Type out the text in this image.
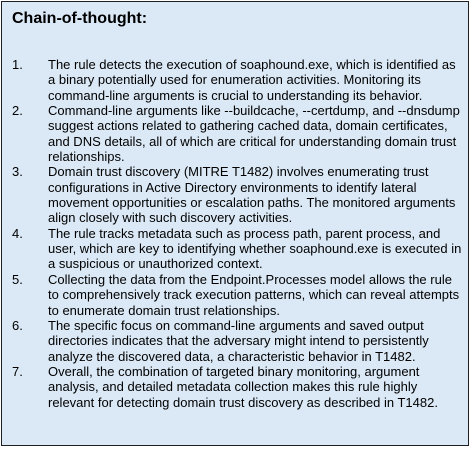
Chain-of-thought:
1.	The rule detects the execution of soaphound.exe, which is identified as a binary potentially used for enumeration activities. Monitoring its command-line arguments is crucial to understanding its behavior.
2.	Command-line arguments like --buildcache, --certdump, and --dnsdump suggest actions related to gathering cached data, domain certificates, and DNS details, all of which are critical for understanding domain trust relationships.
3.	Domain trust discovery (MITRE T1482) involves enumerating trust configurations in Active Directory environments to identify lateral movement opportunities or escalation paths. The monitored arguments align closely with such discovery activities.
4.	The rule tracks metadata such as process path, parent process, and user, which are key to identifying whether soaphound.exe is executed in a suspicious or unauthorized context.
5.	Collecting the data from the Endpoint.Processes model allows the rule to comprehensively track execution patterns, which can reveal attempts to enumerate domain trust relationships.
6.	The specific focus on command-line arguments and saved output directories indicates that the adversary might intend to persistently analyze the discovered data, a characteristic behavior in T1482.
7.	Overall, the combination of targeted binary monitoring, argument analysis, and detailed metadata collection makes this rule highly relevant for detecting domain trust discovery as described in T1482.
